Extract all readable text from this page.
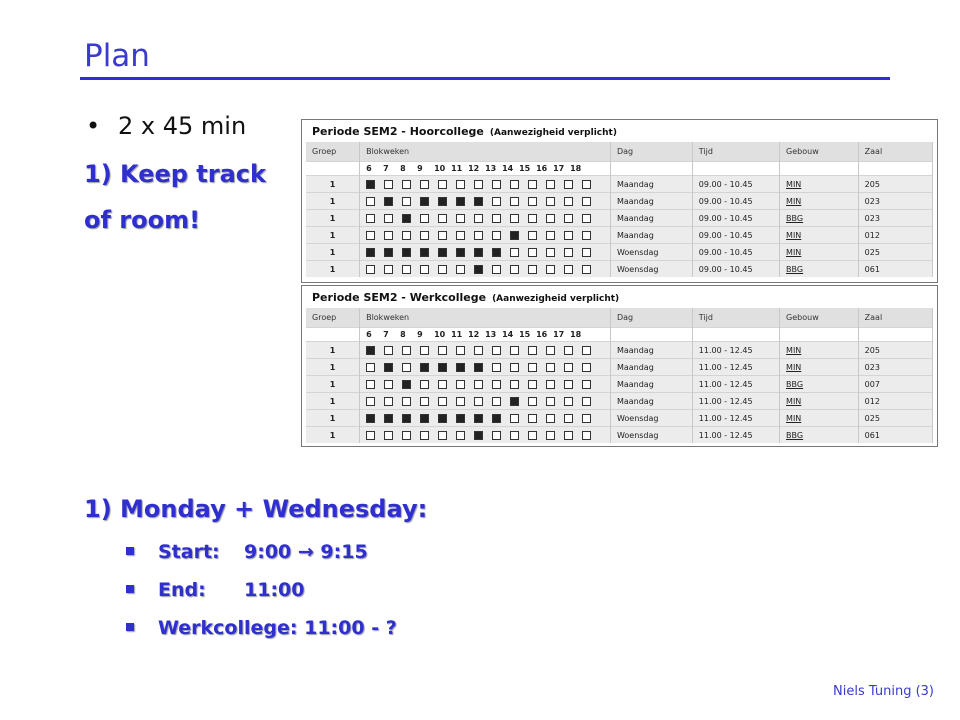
Plan
• 2 x 45 min
1) Keep track
of room!
Periode SEM2 - Hoorcollege (Aanwezigheid verplicht)
Groep	Blokweken	Dag	Tijd	Gebouw	Zaal
	6 7 8 9 10 11 12 13 14 15 16 17 18				
1		Maandag	09.00 - 10.45	MIN	205
1		Maandag	09.00 - 10.45	MIN	023
1		Maandag	09.00 - 10.45	BBG	023
1		Maandag	09.00 - 10.45	MIN	012
1		Woensdag	09.00 - 10.45	MIN	025
1		Woensdag	09.00 - 10.45	BBG	061
Periode SEM2 - Werkcollege (Aanwezigheid verplicht)
Groep	Blokweken	Dag	Tijd	Gebouw	Zaal
	6 7 8 9 10 11 12 13 14 15 16 17 18				
1		Maandag	11.00 - 12.45	MIN	205
1		Maandag	11.00 - 12.45	MIN	023
1		Maandag	11.00 - 12.45	BBG	007
1		Maandag	11.00 - 12.45	MIN	012
1		Woensdag	11.00 - 12.45	MIN	025
1		Woensdag	11.00 - 12.45	BBG	061
1) Monday + Wednesday:
Start: 9:00 → 9:15
End: 11:00
Werkcollege: 11:00 - ?
Niels Tuning (3)
